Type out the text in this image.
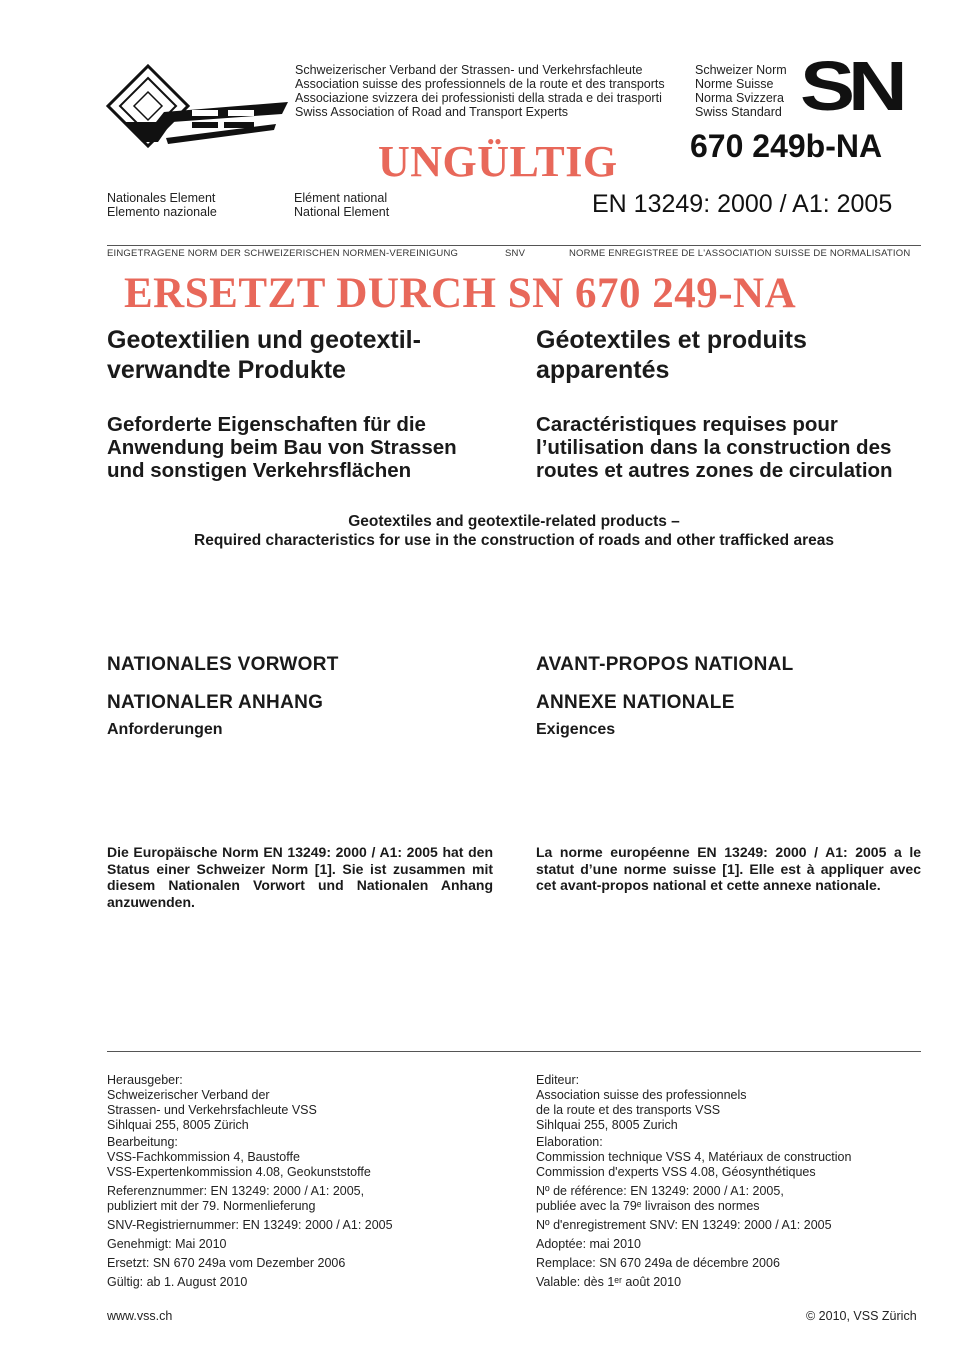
Schweizerischer Verband der Strassen- und Verkehrsfachleute
Association suisse des professionnels de la route et des transports
Associazione svizzera dei professionisti della strada e dei trasporti
Swiss Association of Road and Transport Experts
Schweizer Norm
Norme Suisse
Norma Svizzera
Swiss Standard SN
UNGÜLTIG 670 249b-NA
Nationales Element
Elemento nazionale
Elément national
National Element	EN 13249: 2000 / A1: 2005
EINGETRAGENE NORM DER SCHWEIZERISCHEN NORMEN-VEREINIGUNG	SNV	NORME ENREGISTREE DE L'ASSOCIATION SUISSE DE NORMALISATION
ERSETZT DURCH SN 670 249-NA
Geotextilien und geotextil-
verwandte Produkte
Géotextiles et produits
apparentés
Geforderte Eigenschaften für die
Anwendung beim Bau von Strassen
und sonstigen Verkehrsflächen
Caractéristiques requises pour
l’utilisation dans la construction des
routes et autres zones de circulation
Geotextiles and geotextile-related products –
Required characteristics for use in the construction of roads and other trafficked areas
NATIONALES VORWORT	AVANT-PROPOS NATIONAL
NATIONALER ANHANG	ANNEXE NATIONALE
Anforderungen	Exigences
Die Europäische Norm EN 13249: 2000 / A1: 2005 hat den Status einer Schweizer Norm [1]. Sie ist zusammen mit diesem Nationalen Vorwort und Nationalen Anhang anzuwenden.
La norme européenne EN 13249: 2000 / A1: 2005 a le statut d’une norme suisse [1]. Elle est à appliquer avec cet avant-propos national et cette annexe nationale.

Herausgeber:
Schweizerischer Verband der
Strassen- und Verkehrsfachleute VSS
Sihlquai 255, 8005 Zürich

Bearbeitung:
VSS-Fachkommission 4, Baustoffe
VSS-Expertenkommission 4.08, Geokunststoffe

Referenznummer: EN 13249: 2000 / A1: 2005,
publiziert mit der 79. Normenlieferung

SNV-Registriernummer: EN 13249: 2000 / A1: 2005

Genehmigt: Mai 2010

Ersetzt: SN 670 249a vom Dezember 2006

Gültig: ab 1. August 2010

Editeur:
Association suisse des professionnels
de la route et des transports VSS
Sihlquai 255, 8005 Zurich

Elaboration:
Commission technique VSS 4, Matériaux de construction
Commission d'experts VSS 4.08, Géosynthétiques

Nº de référence: EN 13249: 2000 / A1: 2005,
publiée avec la 79ᵉ livraison des normes

Nº d'enregistrement SNV: EN 13249: 2000 / A1: 2005

Adoptée: mai 2010

Remplace: SN 670 249a de décembre 2006

Valable: dès 1ᵉʳ août 2010

www.vss.ch	© 2010, VSS Zürich
